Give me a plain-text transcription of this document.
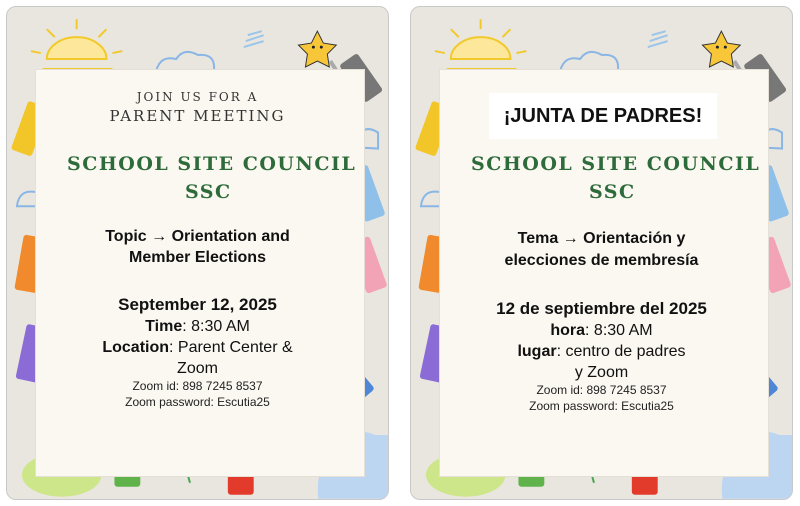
JOIN US FOR A
PARENT MEETING
SCHOOL SITE COUNCIL
SSC
Topic → Orientation and
Member Elections
September 12, 2025
Time: 8:30 AM
Location: Parent Center &
Zoom
Zoom id: 898 7245 8537
Zoom password: Escutia25
¡JUNTA DE PADRES!
SCHOOL SITE COUNCIL
SSC
Tema → Orientación y
elecciones de membresía
12 de septiembre del 2025
hora: 8:30 AM
lugar: centro de padres
y Zoom
Zoom id: 898 7245 8537
Zoom password: Escutia25
